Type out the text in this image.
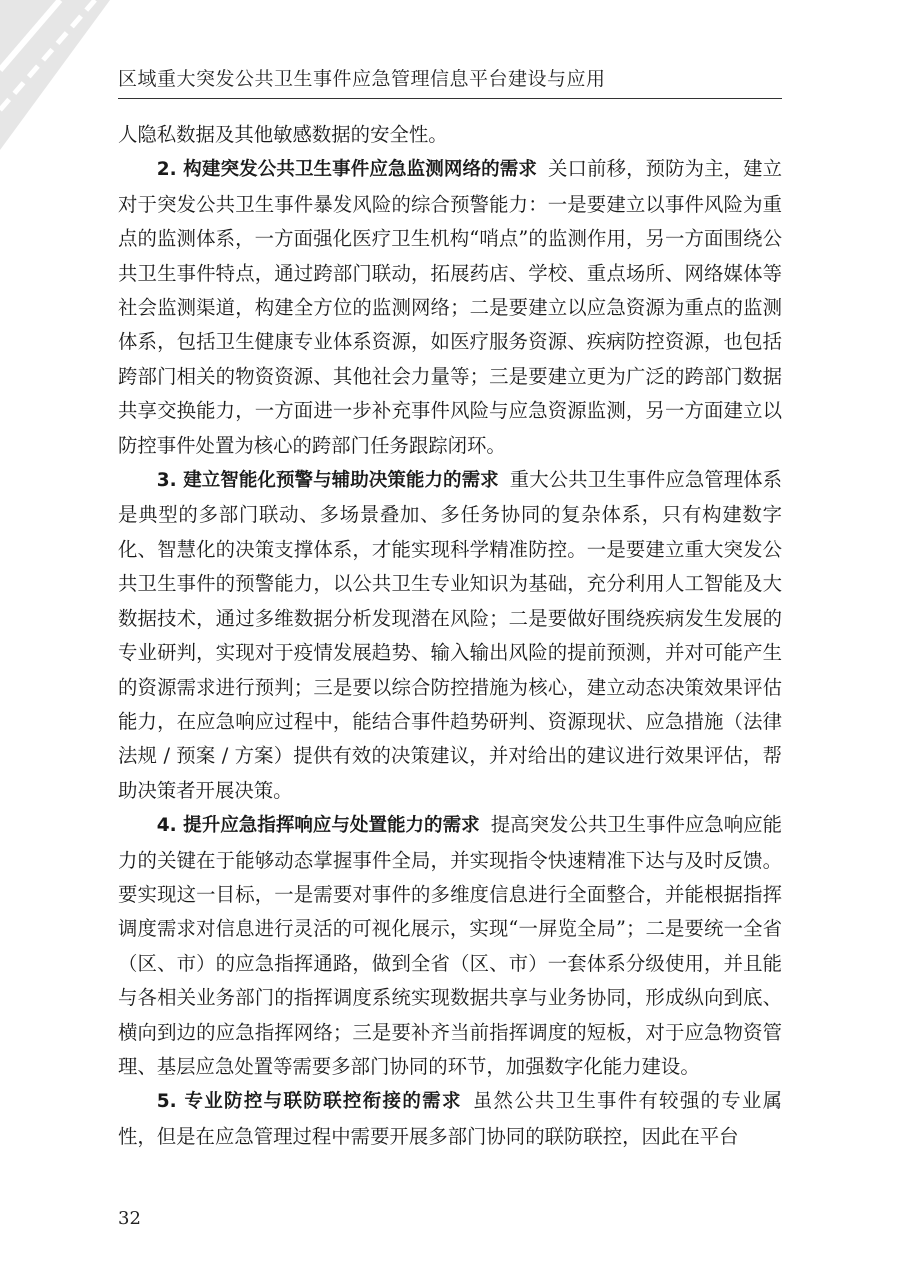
区域重大突发公共卫生事件应急管理信息平台建设与应用

人隐私数据及其他敏感数据的安全性。

2. 构建突发公共卫生事件应急监测网络的需求 关口前移，预防为主，建立对于突发公共卫生事件暴发风险的综合预警能力：一是要建立以事件风险为重点的监测体系，一方面强化医疗卫生机构“哨点”的监测作用，另一方面围绕公共卫生事件特点，通过跨部门联动，拓展药店、学校、重点场所、网络媒体等社会监测渠道，构建全方位的监测网络；二是要建立以应急资源为重点的监测体系，包括卫生健康专业体系资源，如医疗服务资源、疾病防控资源，也包括跨部门相关的物资资源、其他社会力量等；三是要建立更为广泛的跨部门数据共享交换能力，一方面进一步补充事件风险与应急资源监测，另一方面建立以防控事件处置为核心的跨部门任务跟踪闭环。

3. 建立智能化预警与辅助决策能力的需求 重大公共卫生事件应急管理体系是典型的多部门联动、多场景叠加、多任务协同的复杂体系，只有构建数字化、智慧化的决策支撑体系，才能实现科学精准防控。一是要建立重大突发公共卫生事件的预警能力，以公共卫生专业知识为基础，充分利用人工智能及大数据技术，通过多维数据分析发现潜在风险；二是要做好围绕疾病发生发展的专业研判，实现对于疫情发展趋势、输入输出风险的提前预测，并对可能产生的资源需求进行预判；三是要以综合防控措施为核心，建立动态决策效果评估能力，在应急响应过程中，能结合事件趋势研判、资源现状、应急措施（法律法规 / 预案 / 方案）提供有效的决策建议，并对给出的建议进行效果评估，帮助决策者开展决策。

4. 提升应急指挥响应与处置能力的需求 提高突发公共卫生事件应急响应能力的关键在于能够动态掌握事件全局，并实现指令快速精准下达与及时反馈。要实现这一目标，一是需要对事件的多维度信息进行全面整合，并能根据指挥调度需求对信息进行灵活的可视化展示，实现“一屏览全局”；二是要统一全省（区、市）的应急指挥通路，做到全省（区、市）一套体系分级使用，并且能与各相关业务部门的指挥调度系统实现数据共享与业务协同，形成纵向到底、横向到边的应急指挥网络；三是要补齐当前指挥调度的短板，对于应急物资管理、基层应急处置等需要多部门协同的环节，加强数字化能力建设。

5. 专业防控与联防联控衔接的需求 虽然公共卫生事件有较强的专业属性，但是在应急管理过程中需要开展多部门协同的联防联控，因此在平台

32
